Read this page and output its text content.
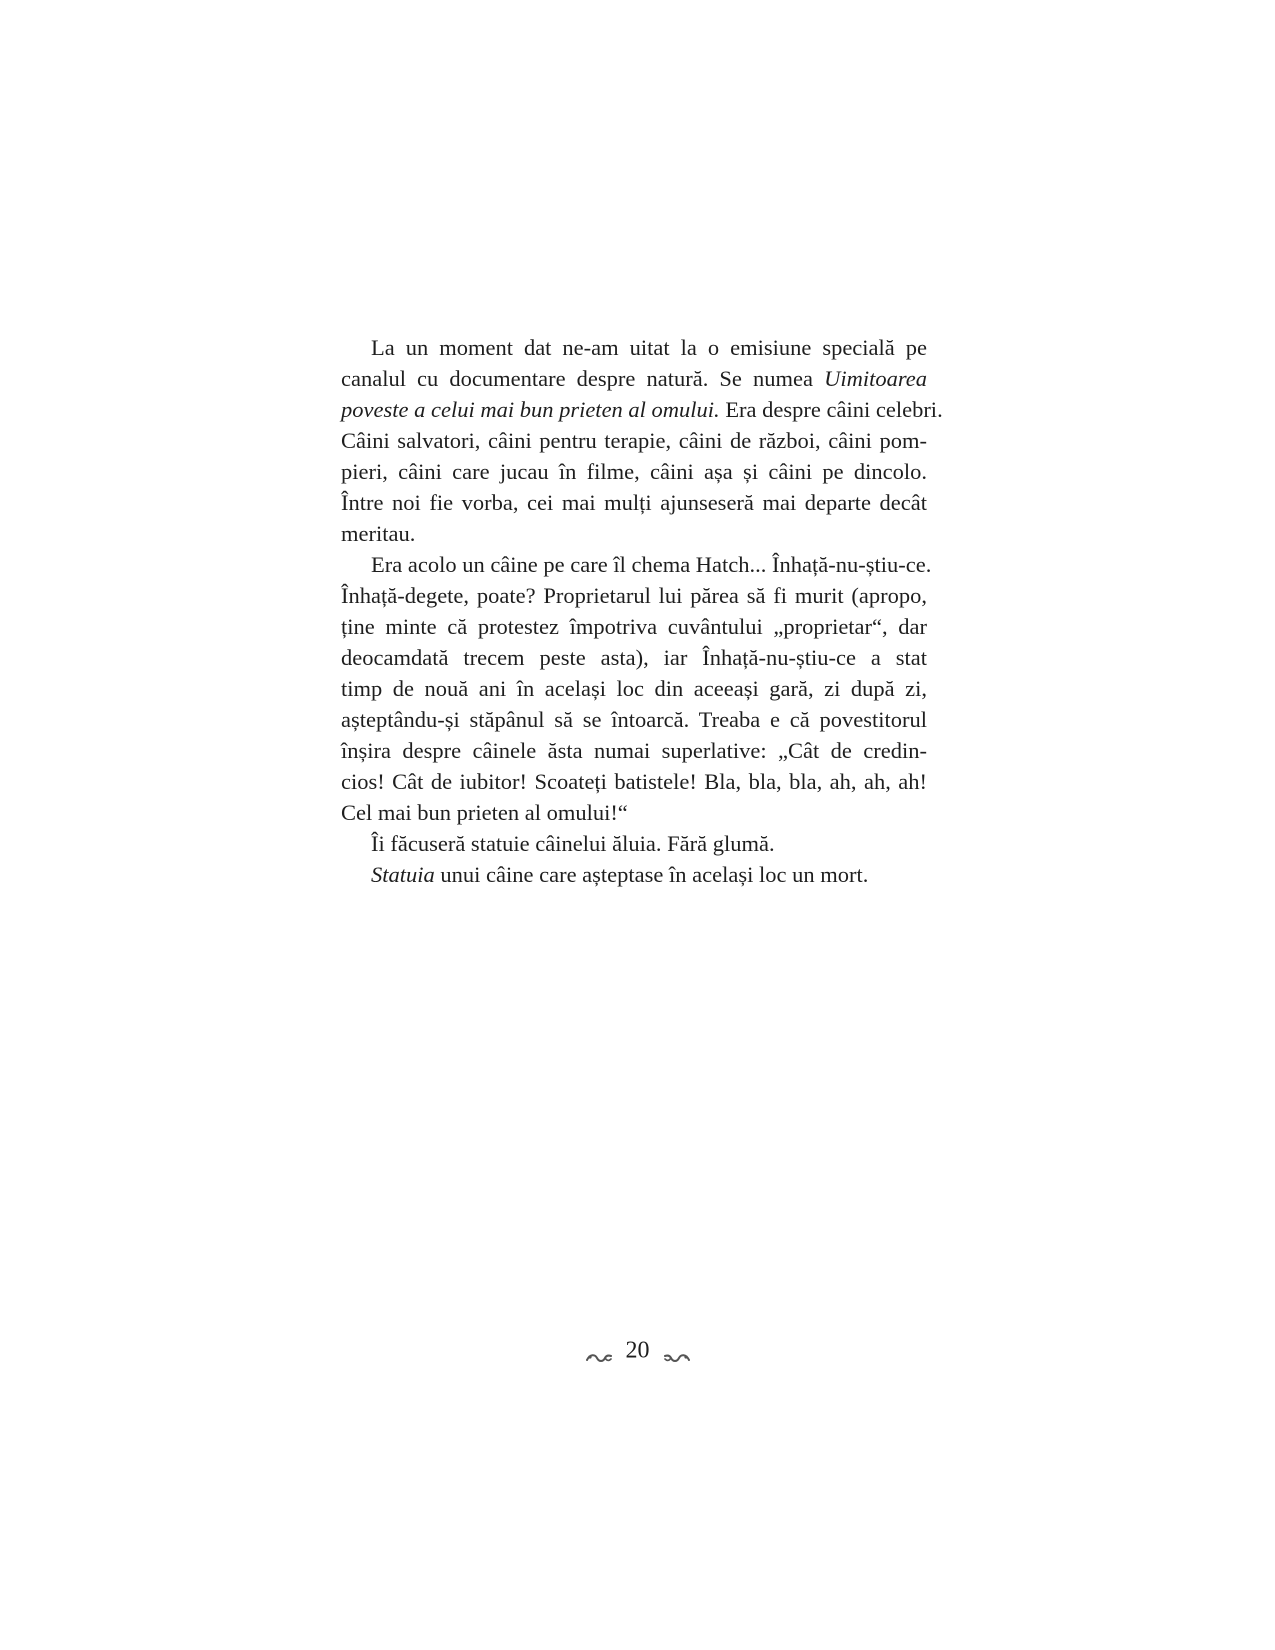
La un moment dat ne-am uitat la o emisiune specială pe
canalul cu documentare despre natură. Se numea Uimitoarea
poveste a celui mai bun prieten al omului. Era despre câini celebri.
Câini salvatori, câini pentru terapie, câini de război, câini pom-
pieri, câini care jucau în filme, câini așa și câini pe dincolo.
Între noi fie vorba, cei mai mulți ajunseseră mai departe decât
meritau.
Era acolo un câine pe care îl chema Hatch... Înhață-nu-știu-ce.
Înhață-degete, poate? Proprietarul lui părea să fi murit (apropo,
ține minte că protestez împotriva cuvântului „proprietar“, dar
deocamdată trecem peste asta), iar Înhață-nu-știu-ce a stat
timp de nouă ani în același loc din aceeași gară, zi după zi,
așteptându-și stăpânul să se întoarcă. Treaba e că povestitorul
înșira despre câinele ăsta numai superlative: „Cât de credin-
cios! Cât de iubitor! Scoateți batistele! Bla, bla, bla, ah, ah, ah!
Cel mai bun prieten al omului!“
Îi făcuseră statuie câinelui ăluia. Fără glumă.
Statuia unui câine care așteptase în același loc un mort.
20
